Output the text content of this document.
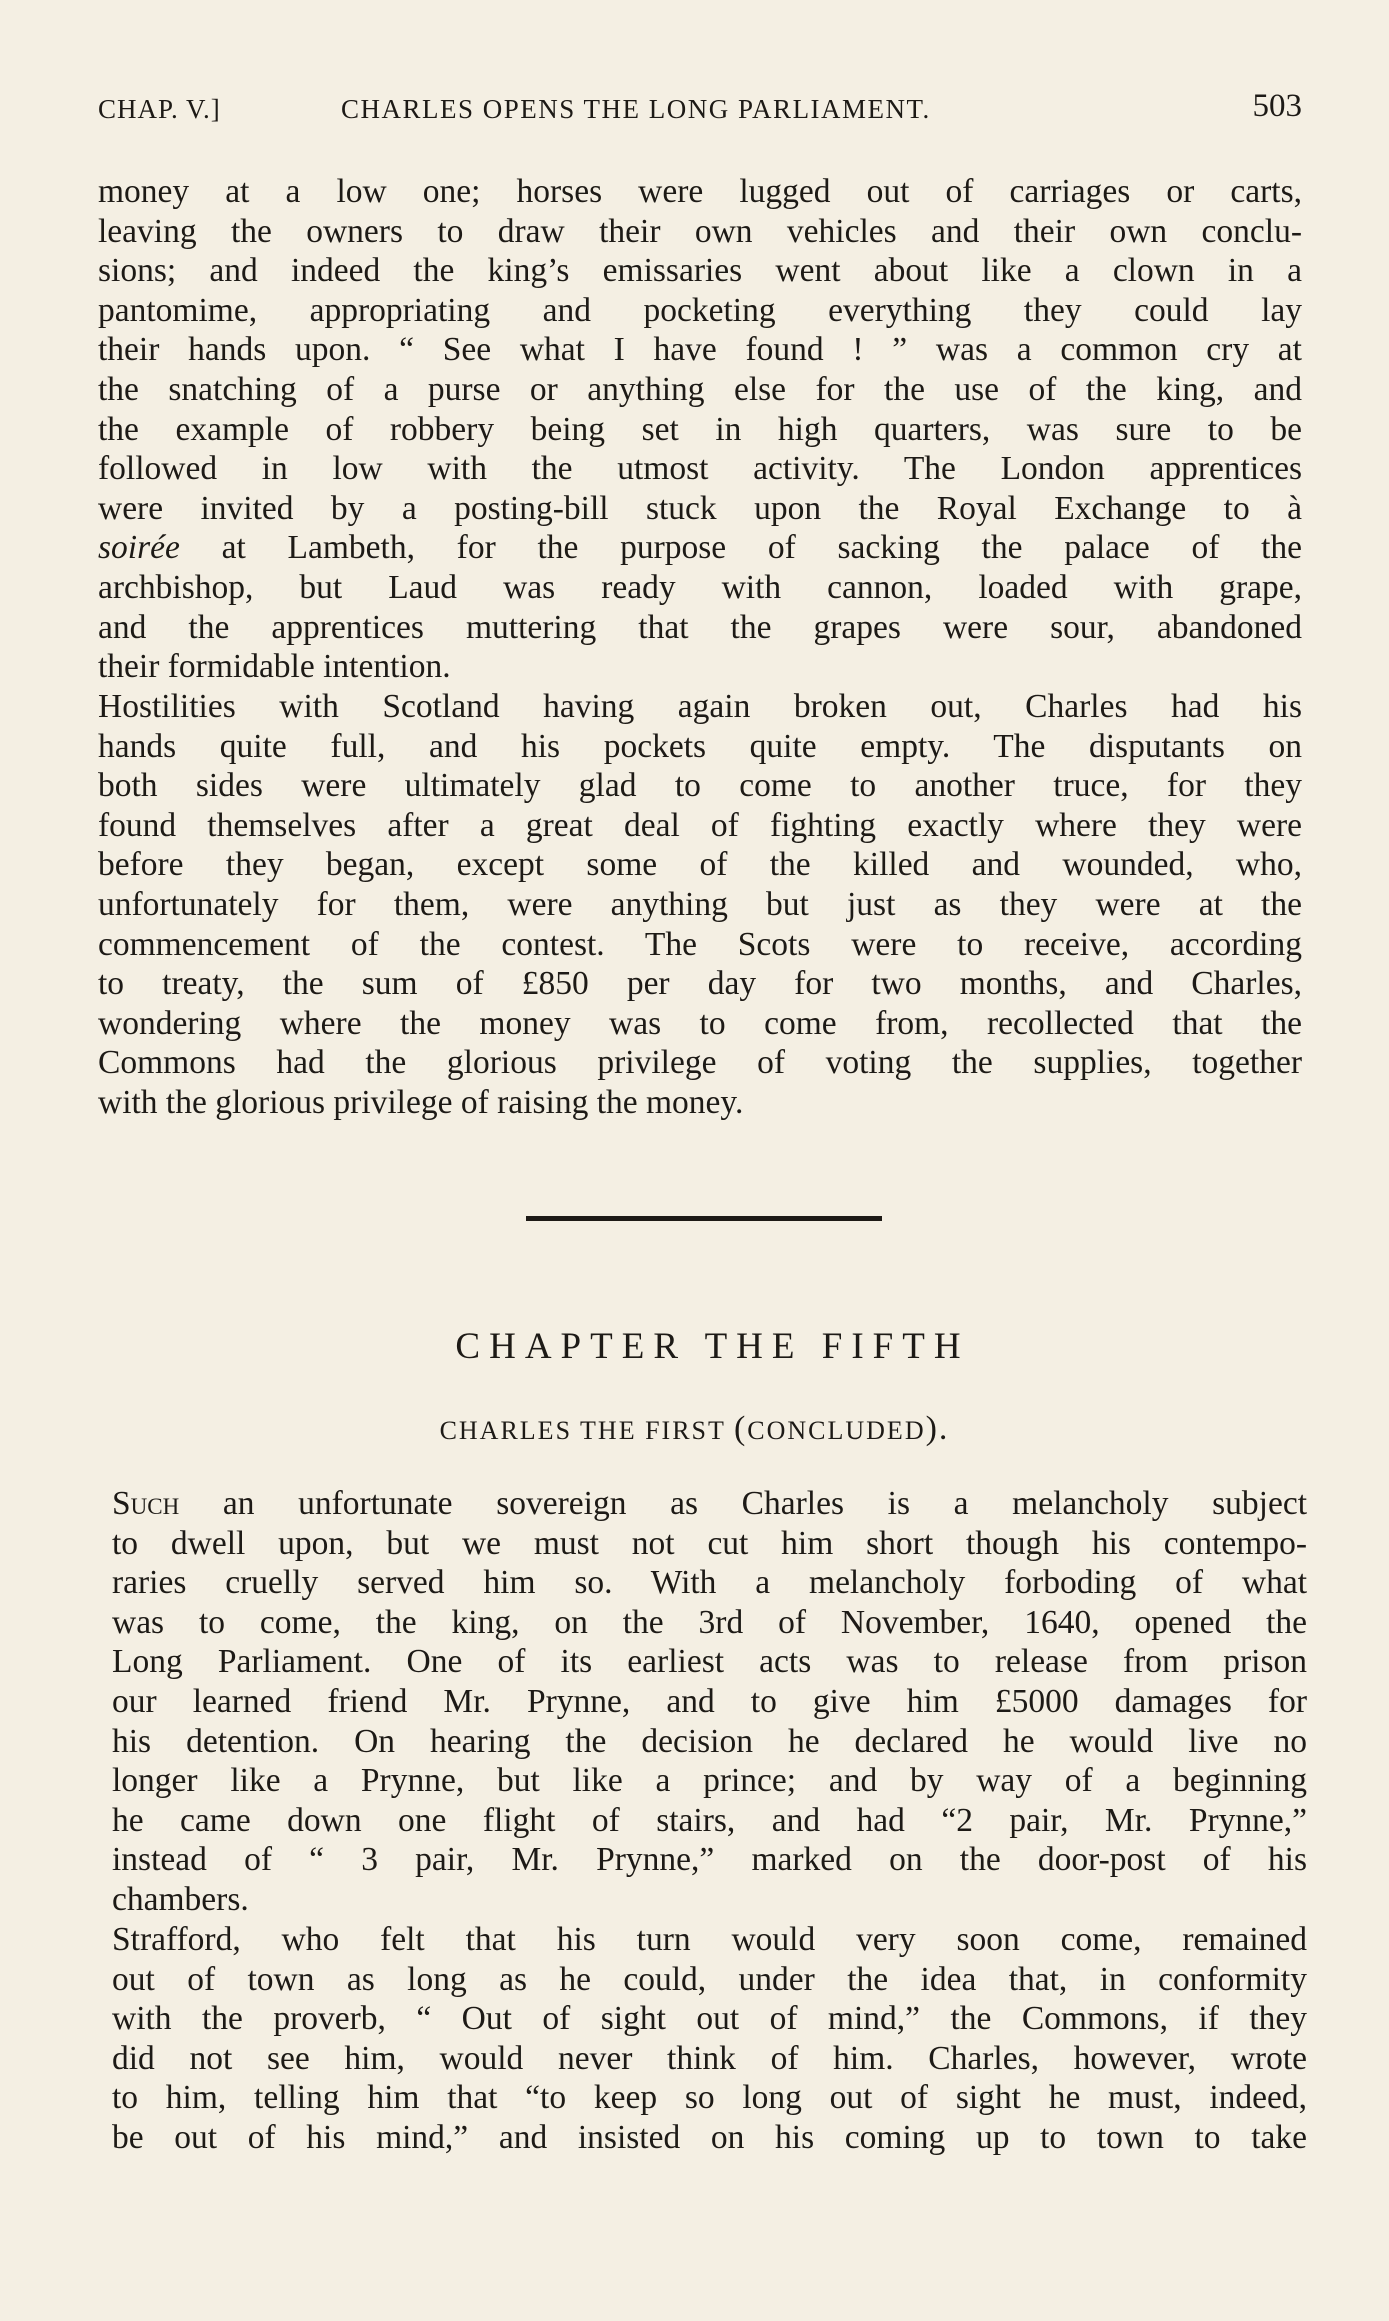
CHAP. V.]	CHARLES OPENS THE LONG PARLIAMENT.	503
money at a low one; horses were lugged out of carriages or carts,
leaving the owners to draw their own vehicles and their own conclu-
sions; and indeed the king’s emissaries went about like a clown in a
pantomime, appropriating and pocketing everything they could lay
their hands upon. “ See what I have found ! ” was a common cry at
the snatching of a purse or anything else for the use of the king, and
the example of robbery being set in high quarters, was sure to be
followed in low with the utmost activity. The London apprentices
were invited by a posting-bill stuck upon the Royal Exchange to à
soirée at Lambeth, for the purpose of sacking the palace of the
archbishop, but Laud was ready with cannon, loaded with grape,
and the apprentices muttering that the grapes were sour, abandoned
their formidable intention.
Hostilities with Scotland having again broken out, Charles had his
hands quite full, and his pockets quite empty. The disputants on
both sides were ultimately glad to come to another truce, for they
found themselves after a great deal of fighting exactly where they were
before they began, except some of the killed and wounded, who,
unfortunately for them, were anything but just as they were at the
commencement of the contest. The Scots were to receive, according
to treaty, the sum of £850 per day for two months, and Charles,
wondering where the money was to come from, recollected that the
Commons had the glorious privilege of voting the supplies, together
with the glorious privilege of raising the money.
CHAPTER THE FIFTH
CHARLES THE FIRST (CONCLUDED).
Such an unfortunate sovereign as Charles is a melancholy subject
to dwell upon, but we must not cut him short though his contempo-
raries cruelly served him so. With a melancholy forboding of what
was to come, the king, on the 3rd of November, 1640, opened the
Long Parliament. One of its earliest acts was to release from prison
our learned friend Mr. Prynne, and to give him £5000 damages for
his detention. On hearing the decision he declared he would live no
longer like a Prynne, but like a prince; and by way of a beginning
he came down one flight of stairs, and had “2 pair, Mr. Prynne,”
instead of “ 3 pair, Mr. Prynne,” marked on the door-post of his
chambers.
Strafford, who felt that his turn would very soon come, remained
out of town as long as he could, under the idea that, in conformity
with the proverb, “ Out of sight out of mind,” the Commons, if they
did not see him, would never think of him. Charles, however, wrote
to him, telling him that “to keep so long out of sight he must, indeed,
be out of his mind,” and insisted on his coming up to town to take
